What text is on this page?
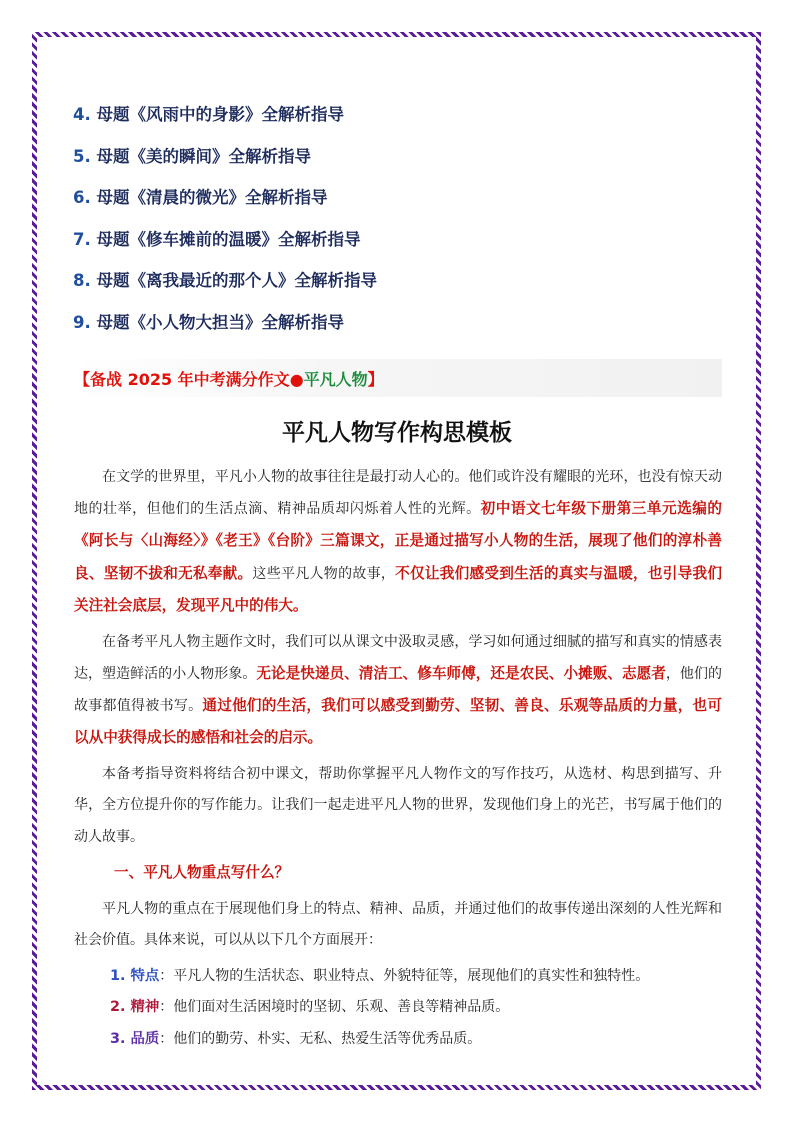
4. 母题《风雨中的身影》全解析指导
5. 母题《美的瞬间》全解析指导
6. 母题《清晨的微光》全解析指导
7. 母题《修车摊前的温暖》全解析指导
8. 母题《离我最近的那个人》全解析指导
9. 母题《小人物大担当》全解析指导
【备战 2025 年中考满分作文●平凡人物】
平凡人物写作构思模板

在文学的世界里，平凡小人物的故事往往是最打动人心的。他们或许没有耀眼的光环，也没有惊天动地的壮举，但他们的生活点滴、精神品质却闪烁着人性的光辉。初中语文七年级下册第三单元选编的《阿长与〈山海经〉》《老王》《台阶》三篇课文，正是通过描写小人物的生活，展现了他们的淳朴善良、坚韧不拔和无私奉献。这些平凡人物的故事，不仅让我们感受到生活的真实与温暖，也引导我们关注社会底层，发现平凡中的伟大。

在备考平凡人物主题作文时，我们可以从课文中汲取灵感，学习如何通过细腻的描写和真实的情感表达，塑造鲜活的小人物形象。无论是快递员、清洁工、修车师傅，还是农民、小摊贩、志愿者，他们的故事都值得被书写。通过他们的生活，我们可以感受到勤劳、坚韧、善良、乐观等品质的力量，也可以从中获得成长的感悟和社会的启示。

本备考指导资料将结合初中课文，帮助你掌握平凡人物作文的写作技巧，从选材、构思到描写、升华，全方位提升你的写作能力。让我们一起走进平凡人物的世界，发现他们身上的光芒，书写属于他们的动人故事。

一、平凡人物重点写什么？

平凡人物的重点在于展现他们身上的特点、精神、品质，并通过他们的故事传递出深刻的人性光辉和社会价值。具体来说，可以从以下几个方面展开：

1. 特点：平凡人物的生活状态、职业特点、外貌特征等，展现他们的真实性和独特性。
2. 精神：他们面对生活困境时的坚韧、乐观、善良等精神品质。
3. 品质：他们的勤劳、朴实、无私、热爱生活等优秀品质。
